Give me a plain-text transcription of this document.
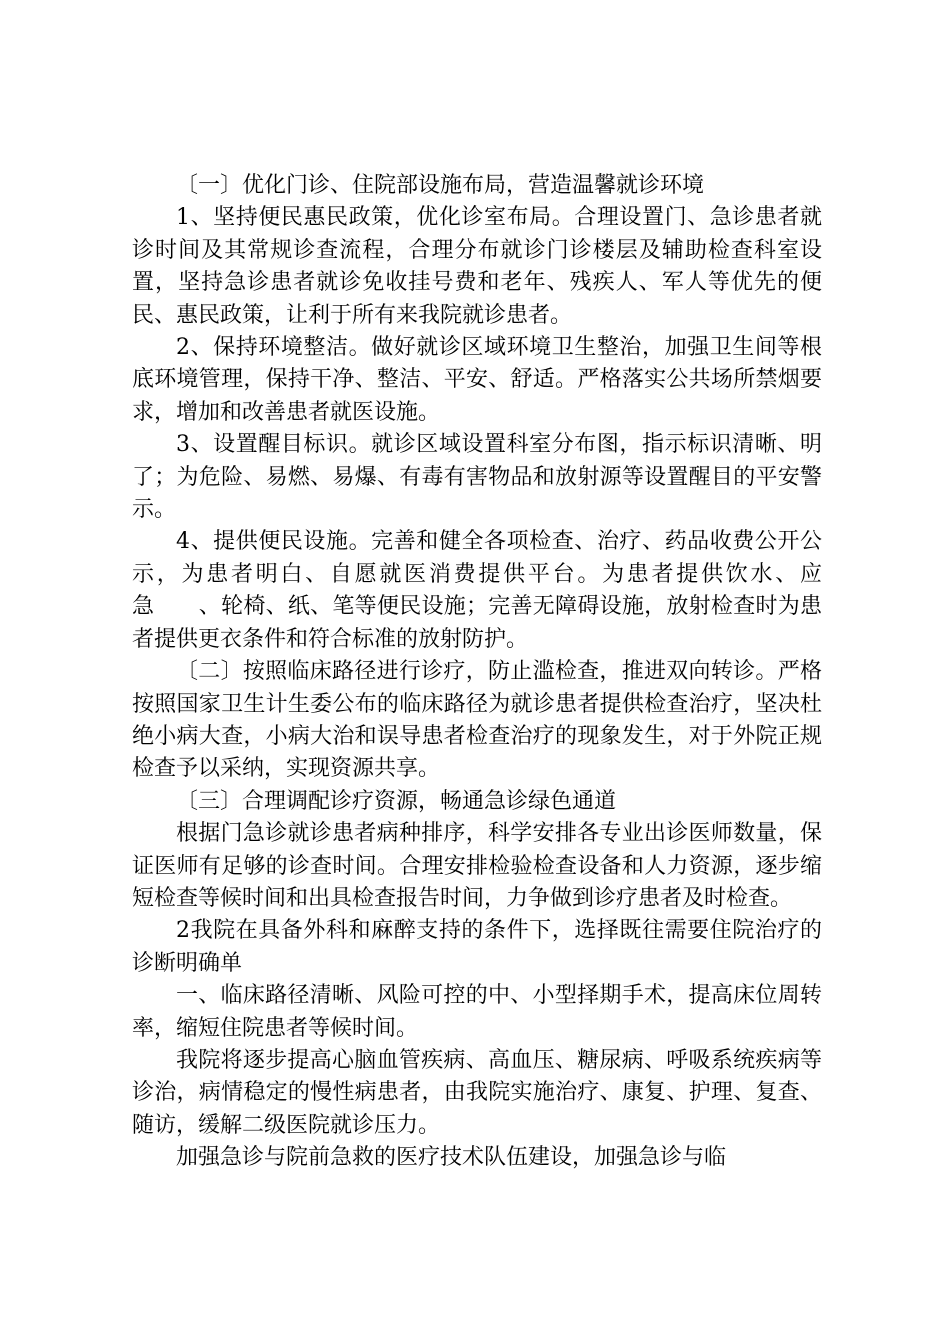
〔一〕优化门诊、住院部设施布局，营造温馨就诊环境

1、坚持便民惠民政策，优化诊室布局。合理设置门、急诊患者就诊时间及其常规诊查流程，合理分布就诊门诊楼层及辅助检查科室设置，坚持急诊患者就诊免收挂号费和老年、残疾人、军人等优先的便民、惠民政策，让利于所有来我院就诊患者。

2、保持环境整洁。做好就诊区域环境卫生整治，加强卫生间等根底环境管理，保持干净、整洁、平安、舒适。严格落实公共场所禁烟要求，增加和改善患者就医设施。

3、设置醒目标识。就诊区域设置科室分布图，指示标识清晰、明了；为危险、易燃、易爆、有毒有害物品和放射源等设置醒目的平安警示。

4、提供便民设施。完善和健全各项检查、治疗、药品收费公开公示，为患者明白、自愿就医消费提供平台。为患者提供饮水、应急　　、轮椅、纸、笔等便民设施；完善无障碍设施，放射检查时为患者提供更衣条件和符合标准的放射防护。

〔二〕按照临床路径进行诊疗，防止滥检查，推进双向转诊。严格按照国家卫生计生委公布的临床路径为就诊患者提供检查治疗，坚决杜绝小病大查，小病大治和误导患者检查治疗的现象发生，对于外院正规检查予以采纳，实现资源共享。

〔三〕合理调配诊疗资源，畅通急诊绿色通道

根据门急诊就诊患者病种排序，科学安排各专业出诊医师数量，保证医师有足够的诊查时间。合理安排检验检查设备和人力资源，逐步缩短检查等候时间和出具检查报告时间，力争做到诊疗患者及时检查。

2我院在具备外科和麻醉支持的条件下，选择既往需要住院治疗的诊断明确单

一、临床路径清晰、风险可控的中、小型择期手术，提高床位周转率，缩短住院患者等候时间。

我院将逐步提高心脑血管疾病、高血压、糖尿病、呼吸系统疾病等诊治，病情稳定的慢性病患者，由我院实施治疗、康复、护理、复查、随访，缓解二级医院就诊压力。

加强急诊与院前急救的医疗技术队伍建设，加强急诊与临
